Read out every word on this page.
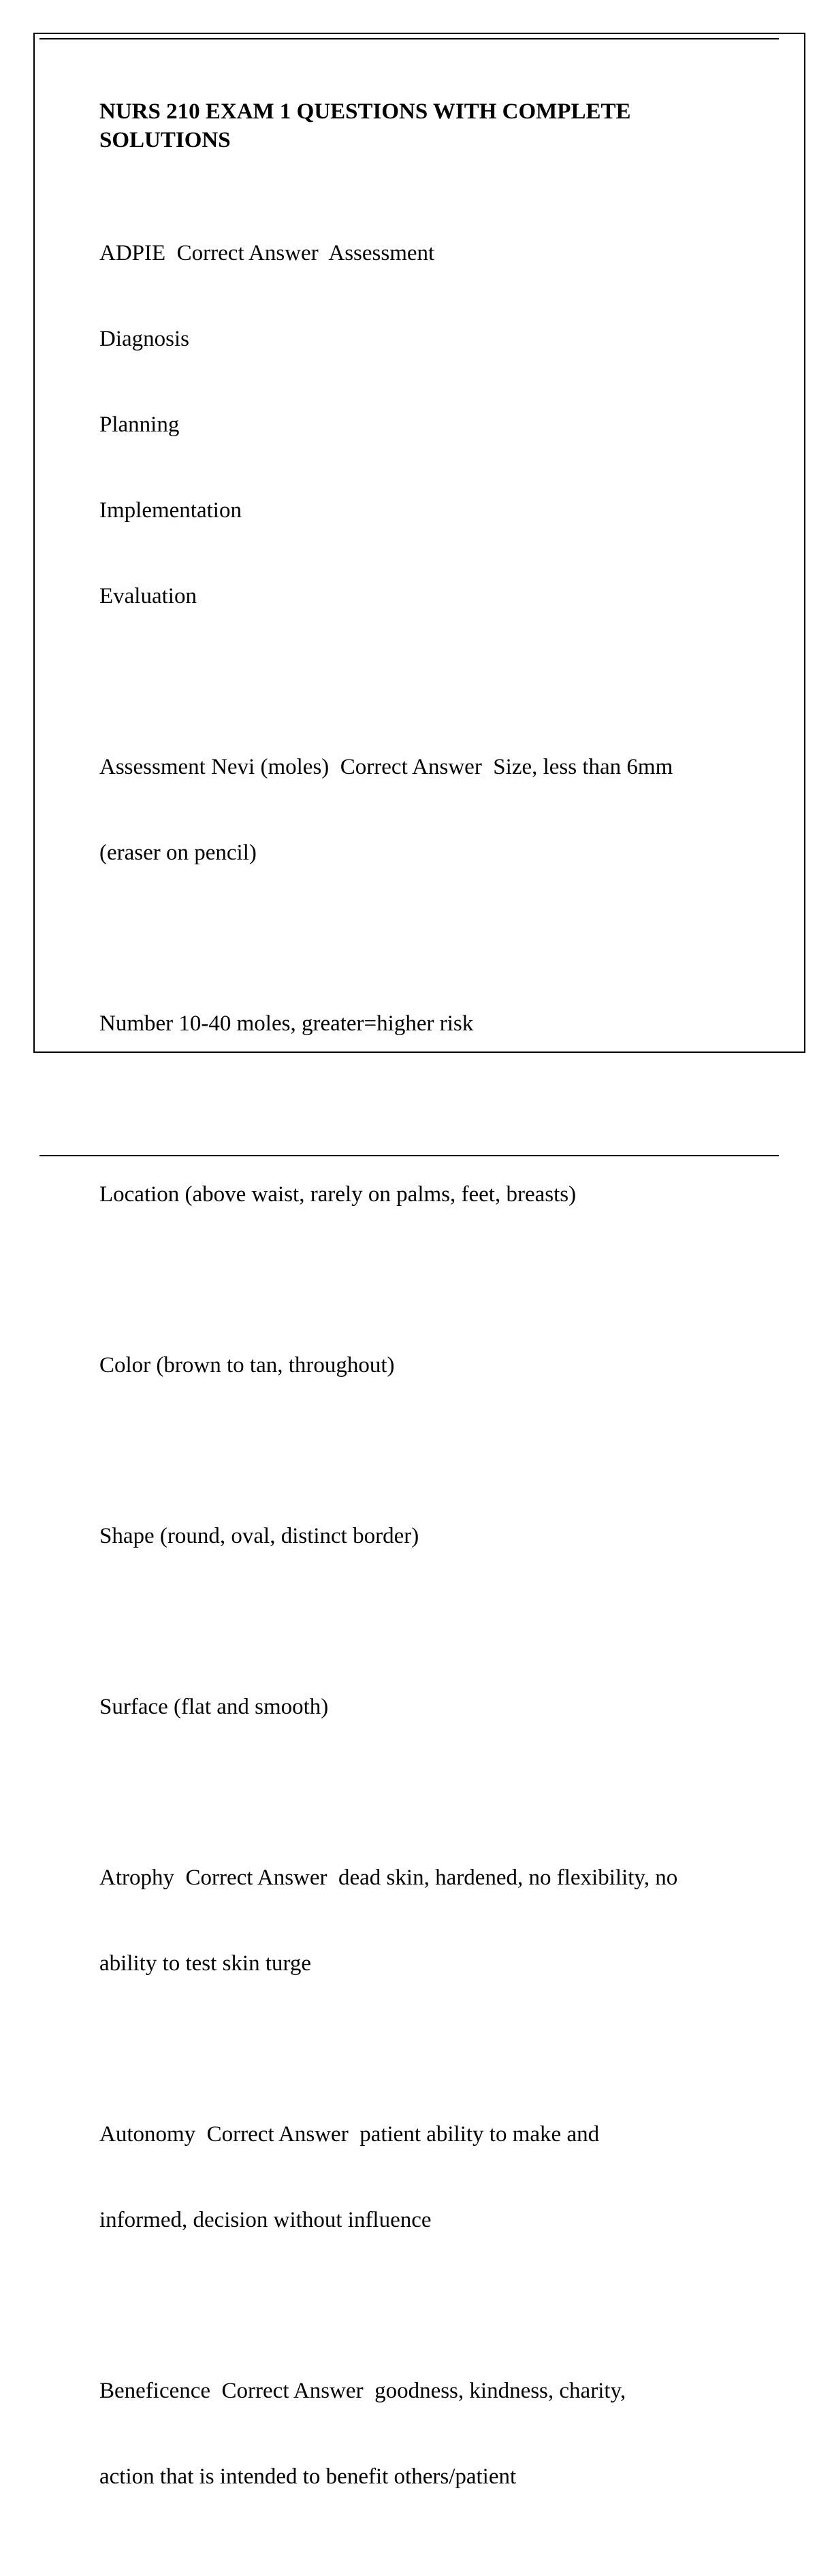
NURS 210 EXAM 1 QUESTIONS WITH COMPLETE
SOLUTIONS

ADPIE  Correct Answer  Assessment

Diagnosis

Planning

Implementation

Evaluation

Assessment Nevi (moles)  Correct Answer  Size, less than 6mm

(eraser on pencil)

Number 10-40 moles, greater=higher risk

Location (above waist, rarely on palms, feet, breasts)

Color (brown to tan, throughout)

Shape (round, oval, distinct border)

Surface (flat and smooth)

Atrophy  Correct Answer  dead skin, hardened, no flexibility, no

ability to test skin turge

Autonomy  Correct Answer  patient ability to make and

informed, decision without influence

Beneficence  Correct Answer  goodness, kindness, charity,

action that is intended to benefit others/patient
